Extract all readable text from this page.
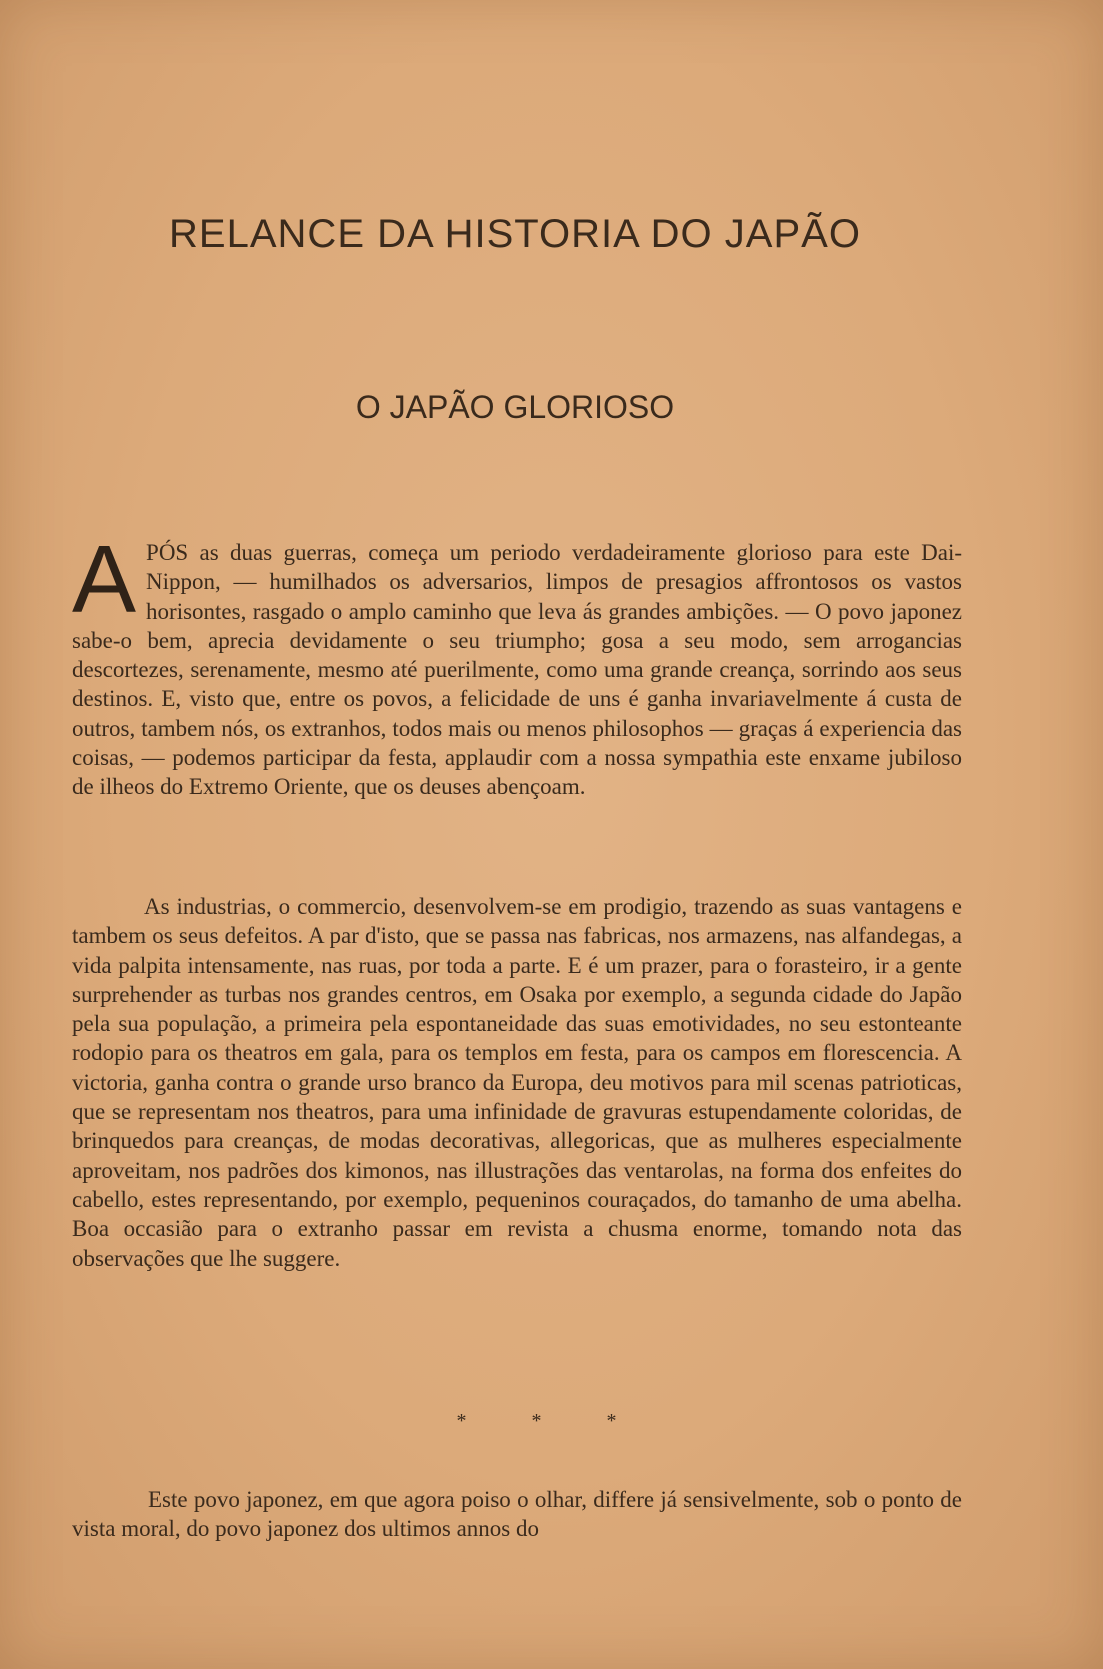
RELANCE DA HISTORIA DO JAPÃO
O JAPÃO GLORIOSO
A PÓS as duas guerras, começa um periodo verdadeiramente glorioso para este Dai-Nippon, — humilhados os adversarios, limpos de presagios affrontosos os vastos horisontes, rasgado o amplo caminho que leva ás grandes ambições. — O povo japonez sabe-o bem, aprecia devidamente o seu triumpho; gosa a seu modo, sem arrogancias descortezes, serenamente, mesmo até puerilmente, como uma grande creança, sorrindo aos seus destinos. E, visto que, entre os povos, a felicidade de uns é ganha invariavelmente á custa de outros, tambem nós, os extranhos, todos mais ou menos philosophos — graças á experiencia das coisas, — podemos participar da festa, applaudir com a nossa sympathia este enxame jubiloso de ilheos do Extremo Oriente, que os deuses abençoam.

As industrias, o commercio, desenvolvem-se em prodigio, trazendo as suas vantagens e tambem os seus defeitos. A par d'isto, que se passa nas fabricas, nos armazens, nas alfandegas, a vida palpita intensamente, nas ruas, por toda a parte. E é um prazer, para o forasteiro, ir a gente surprehender as turbas nos grandes centros, em Osaka por exemplo, a segunda cidade do Japão pela sua população, a primeira pela espontaneidade das suas emotividades, no seu estonteante rodopio para os theatros em gala, para os templos em festa, para os campos em florescencia. A victoria, ganha contra o grande urso branco da Europa, deu motivos para mil scenas patrioticas, que se representam nos theatros, para uma infinidade de gravuras estupendamente coloridas, de brinquedos para creanças, de modas decorativas, allegoricas, que as mulheres especialmente aproveitam, nos padrões dos kimonos, nas illustrações das ventarolas, na forma dos enfeites do cabello, estes representando, por exemplo, pequeninos couraçados, do tamanho de uma abelha. Boa occasião para o extranho passar em revista a chusma enorme, tomando nota das observações que lhe suggere.

* * *

Este povo japonez, em que agora poiso o olhar, differe já sensivelmente, sob o ponto de vista moral, do povo japonez dos ultimos annos do
